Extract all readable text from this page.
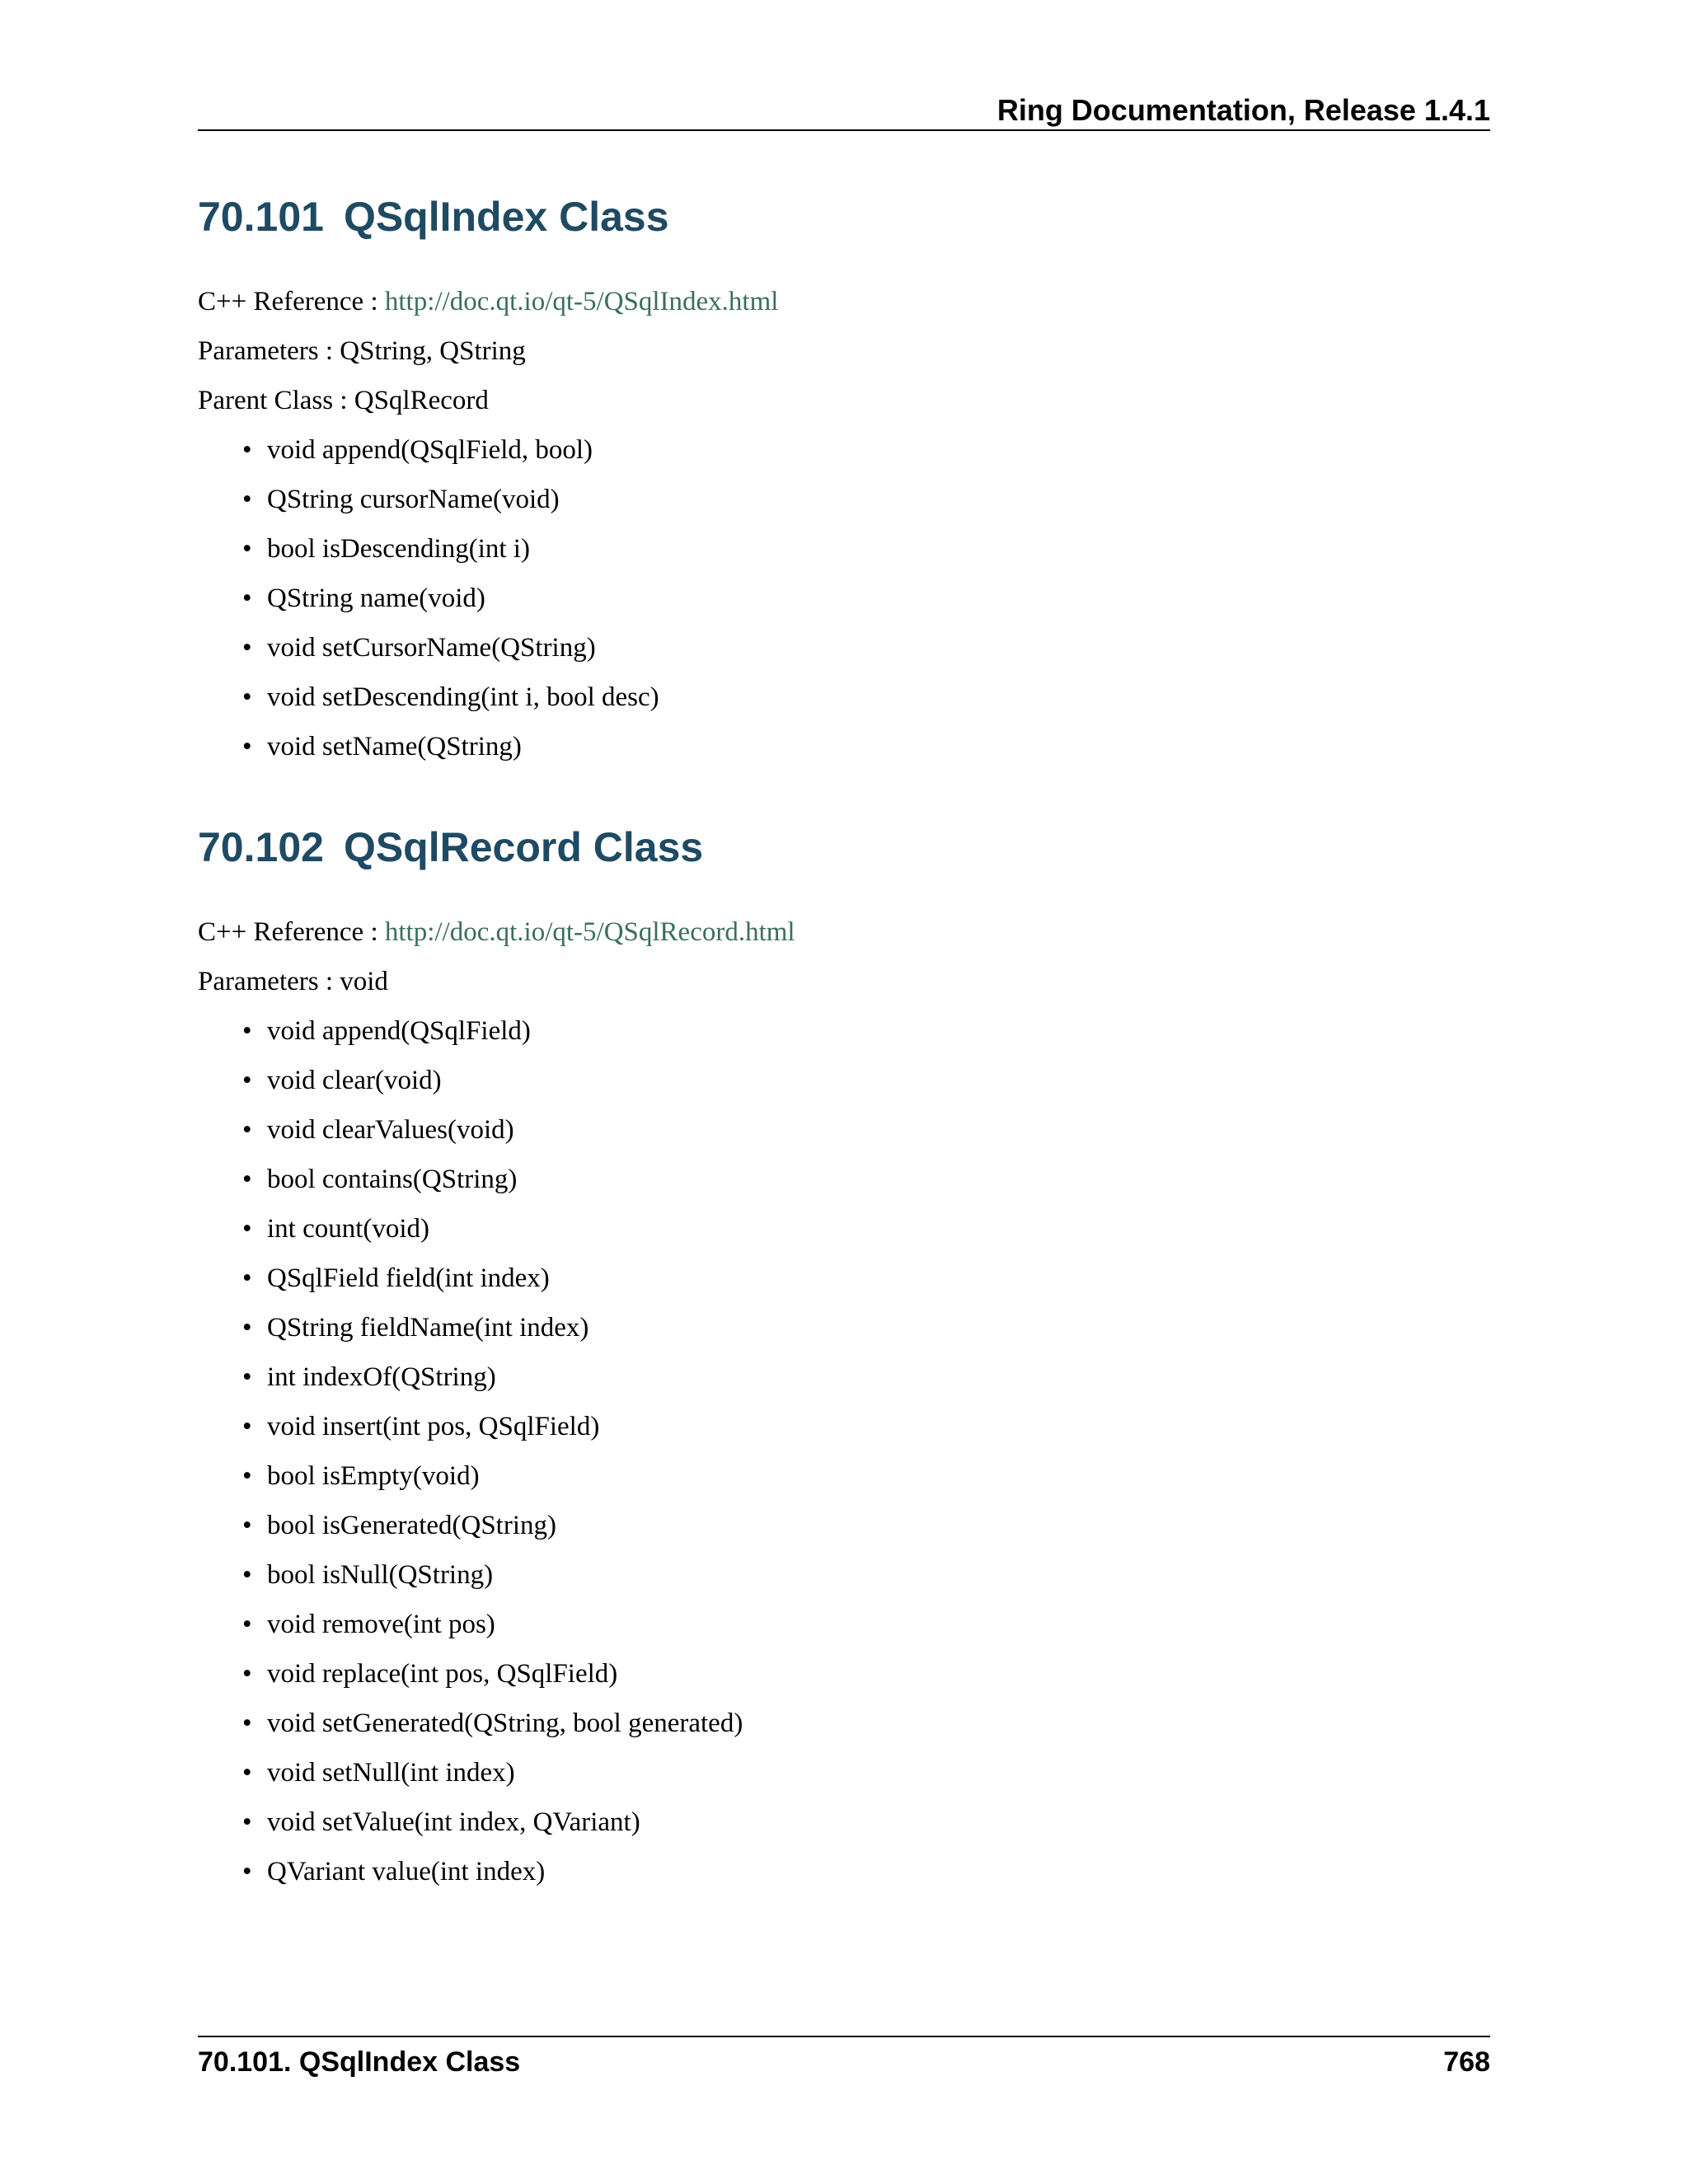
Ring Documentation, Release 1.4.1
70.101 QSqlIndex Class

C++ Reference : http://doc.qt.io/qt-5/QSqlIndex.html

Parameters : QString, QString

Parent Class : QSqlRecord

• void append(QSqlField, bool)
• QString cursorName(void)
• bool isDescending(int i)
• QString name(void)
• void setCursorName(QString)
• void setDescending(int i, bool desc)
• void setName(QString)
70.102 QSqlRecord Class

C++ Reference : http://doc.qt.io/qt-5/QSqlRecord.html

Parameters : void

• void append(QSqlField)
• void clear(void)
• void clearValues(void)
• bool contains(QString)
• int count(void)
• QSqlField field(int index)
• QString fieldName(int index)
• int indexOf(QString)
• void insert(int pos, QSqlField)
• bool isEmpty(void)
• bool isGenerated(QString)
• bool isNull(QString)
• void remove(int pos)
• void replace(int pos, QSqlField)
• void setGenerated(QString, bool generated)
• void setNull(int index)
• void setValue(int index, QVariant)
• QVariant value(int index)
70.101. QSqlIndex Class	768
